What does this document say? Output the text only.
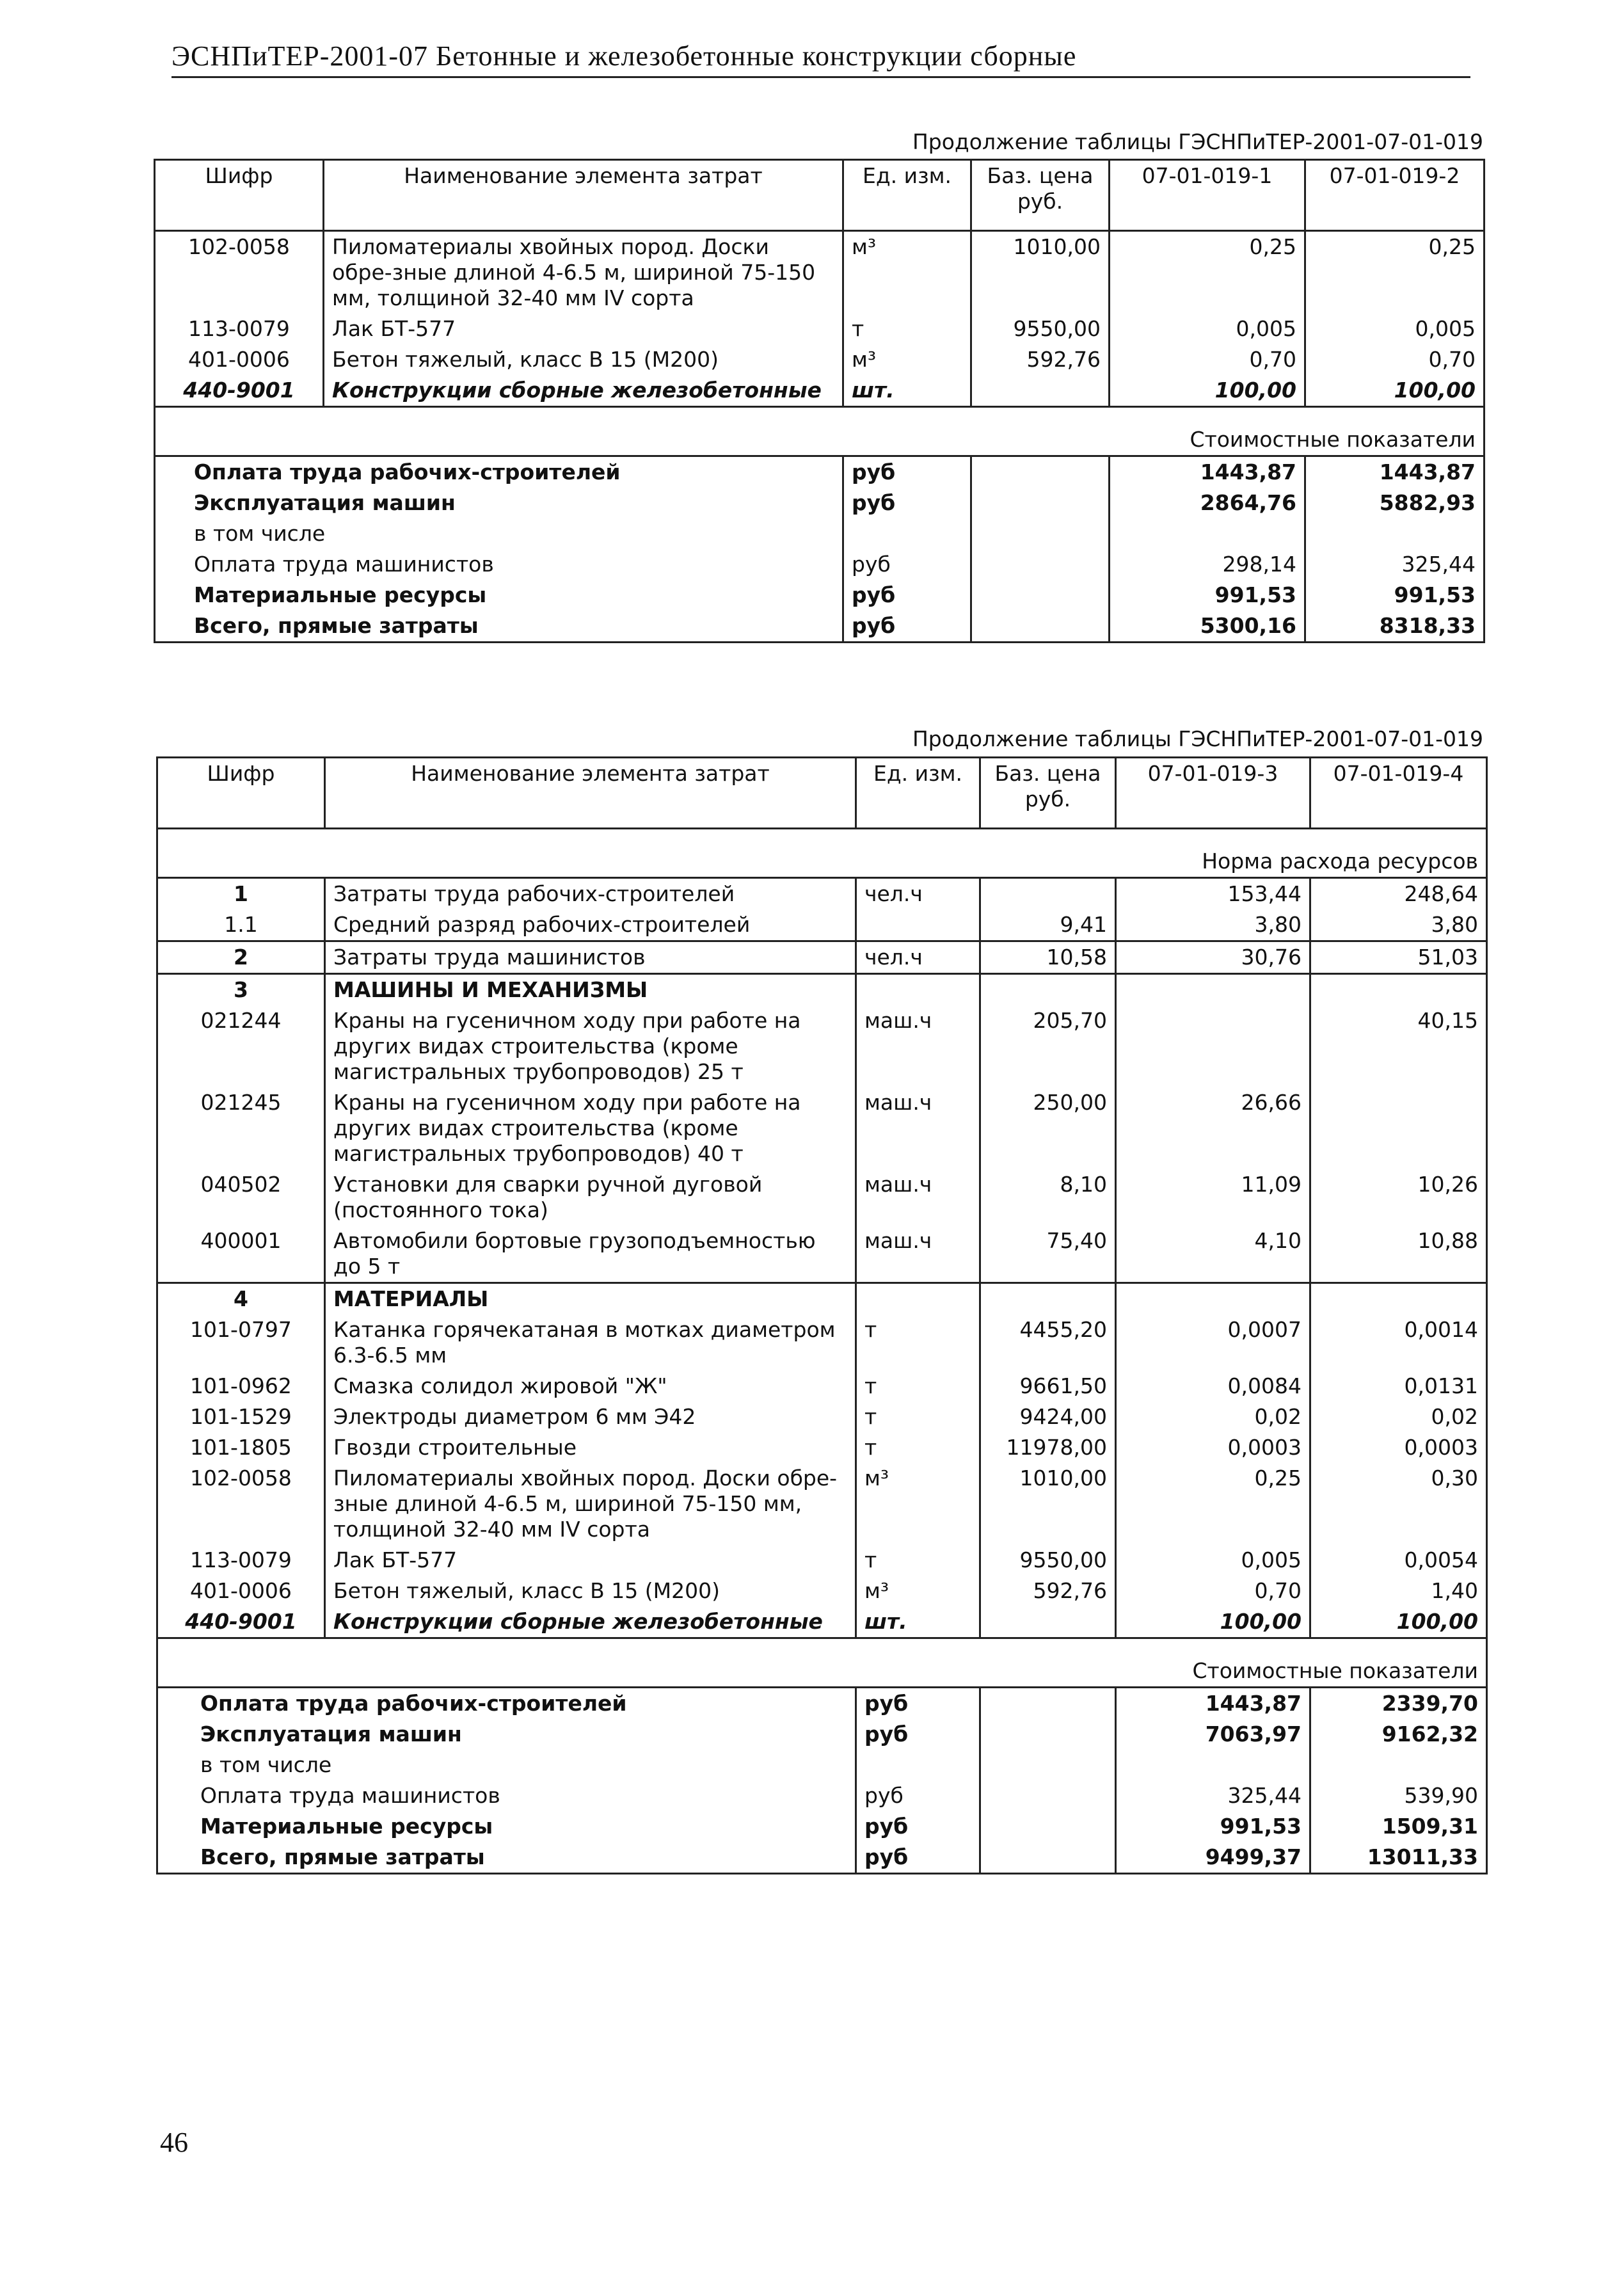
ЭСНПиТЕР-2001-07 Бетонные и железобетонные конструкции сборные
Продолжение таблицы ГЭСНПиТЕР-2001-07-01-019
Шифр	Наименование элемента затрат	Ед. изм.	Баз. цена руб.	07-01-019-1	07-01-019-2
102-0058	Пиломатериалы хвойных пород. Доски обре-зные длиной 4-6.5 м, шириной 75-150 мм, толщиной 32-40 мм IV сорта	м³	1010,00	0,25	0,25
113-0079	Лак БТ-577	т	9550,00	0,005	0,005
401-0006	Бетон тяжелый, класс В 15 (М200)	м³	592,76	0,70	0,70
440-9001	Конструкции сборные железобетонные	шт.		100,00	100,00
Стоимостные показатели					
Оплата труда рабочих-строителей		руб		1443,87	1443,87
Эксплуатация машин		руб		2864,76	5882,93
в том числе					
Оплата труда машинистов		руб		298,14	325,44
Материальные ресурсы		руб		991,53	991,53
Всего, прямые затраты		руб		5300,16	8318,33
Продолжение таблицы ГЭСНПиТЕР-2001-07-01-019
Шифр	Наименование элемента затрат	Ед. изм.	Баз. цена руб.	07-01-019-3	07-01-019-4
Норма расхода ресурсов					
1	Затраты труда рабочих-строителей	чел.ч		153,44	248,64
1.1	Средний разряд рабочих-строителей		9,41	3,80	3,80
2	Затраты труда машинистов	чел.ч	10,58	30,76	51,03
3	МАШИНЫ И МЕХАНИЗМЫ				
021244	Краны на гусеничном ходу при работе на других видах строительства (кроме магистральных трубопроводов) 25 т	маш.ч	205,70		40,15
021245	Краны на гусеничном ходу при работе на других видах строительства (кроме магистральных трубопроводов) 40 т	маш.ч	250,00	26,66	
040502	Установки для сварки ручной дуговой (постоянного тока)	маш.ч	8,10	11,09	10,26
400001	Автомобили бортовые грузоподъемностью до 5 т	маш.ч	75,40	4,10	10,88
4	МАТЕРИАЛЫ				
101-0797	Катанка горячекатаная в мотках диаметром 6.3-6.5 мм	т	4455,20	0,0007	0,0014
101-0962	Смазка солидол жировой "Ж"	т	9661,50	0,0084	0,0131
101-1529	Электроды диаметром 6 мм Э42	т	9424,00	0,02	0,02
101-1805	Гвозди строительные	т	11978,00	0,0003	0,0003
102-0058	Пиломатериалы хвойных пород. Доски обре-зные длиной 4-6.5 м, шириной 75-150 мм, толщиной 32-40 мм IV сорта	м³	1010,00	0,25	0,30
113-0079	Лак БТ-577	т	9550,00	0,005	0,0054
401-0006	Бетон тяжелый, класс В 15 (М200)	м³	592,76	0,70	1,40
440-9001	Конструкции сборные железобетонные	шт.		100,00	100,00
Стоимостные показатели					
Оплата труда рабочих-строителей		руб		1443,87	2339,70
Эксплуатация машин		руб		7063,97	9162,32
в том числе					
Оплата труда машинистов		руб		325,44	539,90
Материальные ресурсы		руб		991,53	1509,31
Всего, прямые затраты		руб		9499,37	13011,33
46
